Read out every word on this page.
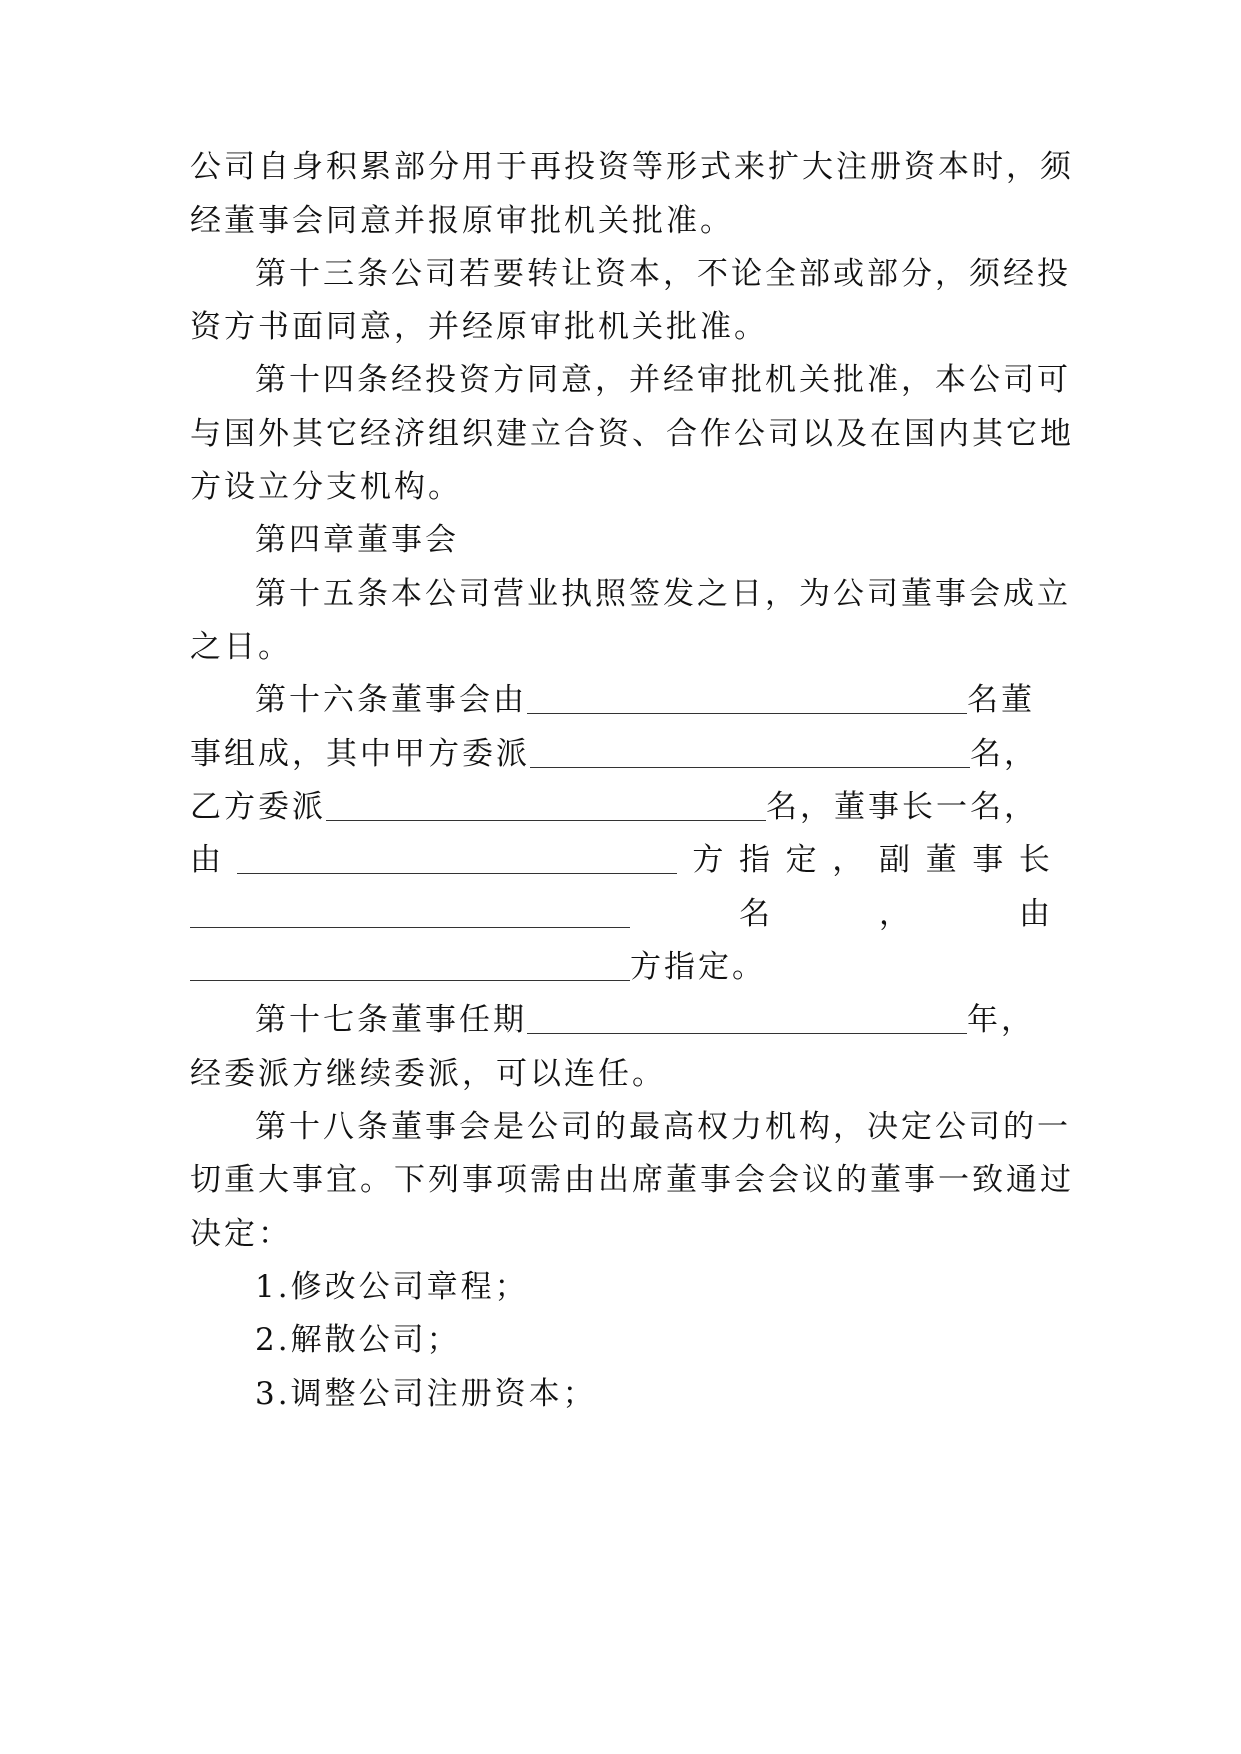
公司自身积累部分用于再投资等形式来扩大注册资本时，须
经董事会同意并报原审批机关批准。
第十三条公司若要转让资本，不论全部或部分，须经投
资方书面同意，并经原审批机关批准。
第十四条经投资方同意，并经审批机关批准，本公司可
与国外其它经济组织建立合资、合作公司以及在国内其它地
方设立分支机构。
第四章董事会
第十五条本公司营业执照签发之日，为公司董事会成立
之日。
第十六条董事会由	名董
事组成，其中甲方委派	名，
乙方委派	名，董事长一名，
由	方 指 定 ， 副 董 事 长
名	，	由
方指定。
第十七条董事任期	年，
经委派方继续委派，可以连任。
第十八条董事会是公司的最高权力机构，决定公司的一
切重大事宜。下列事项需由出席董事会会议的董事一致通过
决定：
1.修改公司章程；
2.解散公司；
3.调整公司注册资本；
